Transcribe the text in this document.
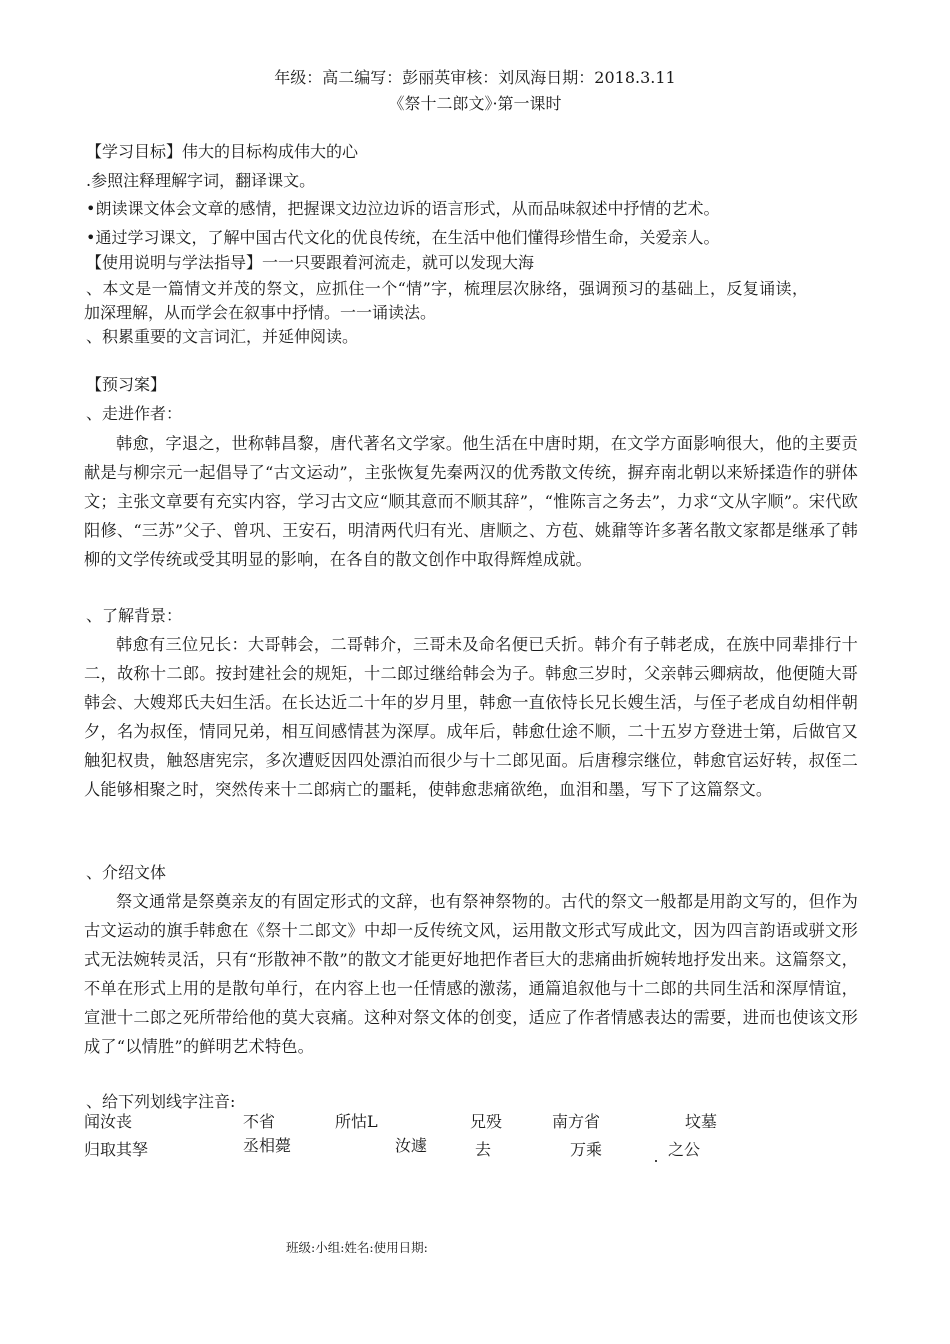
年级：高二编写：彭丽英审核：刘凤海日期：2018.3.11
《祭十二郎文》·第一课时
【学习目标】伟大的目标构成伟大的心
.参照注释理解字词，翻译课文。
•朗读课文体会文章的感情，把握课文边泣边诉的语言形式，从而品味叙述中抒情的艺术。
•通过学习课文，了解中国古代文化的优良传统，在生活中他们懂得珍惜生命，关爱亲人。
【使用说明与学法指导】一一只要跟着河流走，就可以发现大海
、本文是一篇情文并茂的祭文，应抓住一个“情”字，梳理层次脉络，强调预习的基础上，反复诵读，
加深理解，从而学会在叙事中抒情。一一诵读法。
、积累重要的文言词汇，并延伸阅读。
【预习案】
、走进作者：
韩愈，字退之，世称韩昌黎，唐代著名文学家。他生活在中唐时期，在文学方面影响很大，他的主要贡献是与柳宗元一起倡导了“古文运动”，主张恢复先秦两汉的优秀散文传统，摒弃南北朝以来矫揉造作的骈体文；主张文章要有充实内容，学习古文应“顺其意而不顺其辞”，“惟陈言之务去”，力求“文从字顺”。宋代欧阳修、“三苏”父子、曾巩、王安石，明清两代归有光、唐顺之、方苞、姚鼐等许多著名散文家都是继承了韩柳的文学传统或受其明显的影响，在各自的散文创作中取得辉煌成就。
、了解背景：
韩愈有三位兄长：大哥韩会，二哥韩介，三哥未及命名便已夭折。韩介有子韩老成，在族中同辈排行十二，故称十二郎。按封建社会的规矩，十二郎过继给韩会为子。韩愈三岁时，父亲韩云卿病故，他便随大哥韩会、大嫂郑氏夫妇生活。在长达近二十年的岁月里，韩愈一直依恃长兄长嫂生活，与侄子老成自幼相伴朝夕，名为叔侄，情同兄弟，相互间感情甚为深厚。成年后，韩愈仕途不顺，二十五岁方登进士第，后做官又触犯权贵，触怒唐宪宗，多次遭贬因四处漂泊而很少与十二郎见面。后唐穆宗继位，韩愈官运好转，叔侄二人能够相聚之时，突然传来十二郎病亡的噩耗，使韩愈悲痛欲绝，血泪和墨，写下了这篇祭文。
、介绍文体
祭文通常是祭奠亲友的有固定形式的文辞，也有祭神祭物的。古代的祭文一般都是用韵文写的，但作为古文运动的旗手韩愈在《祭十二郎文》中却一反传统文风，运用散文形式写成此文，因为四言韵语或骈文形式无法婉转灵活，只有“形散神不散”的散文才能更好地把作者巨大的悲痛曲折婉转地抒发出来。这篇祭文，不单在形式上用的是散句单行，在内容上也一任情感的激荡，通篇追叙他与十二郎的共同生活和深厚情谊，宣泄十二郎之死所带给他的莫大哀痛。这种对祭文体的创变，适应了作者情感表达的需要，进而也使该文形成了“以情胜”的鲜明艺术特色。
、给下列划线字注音:
闻汝丧	不省	所怙L	兄殁	南方省	坟墓
归取其孥	丞相薨	汝遽	去	万乘	之公
班级:小组:姓名:使用日期:
